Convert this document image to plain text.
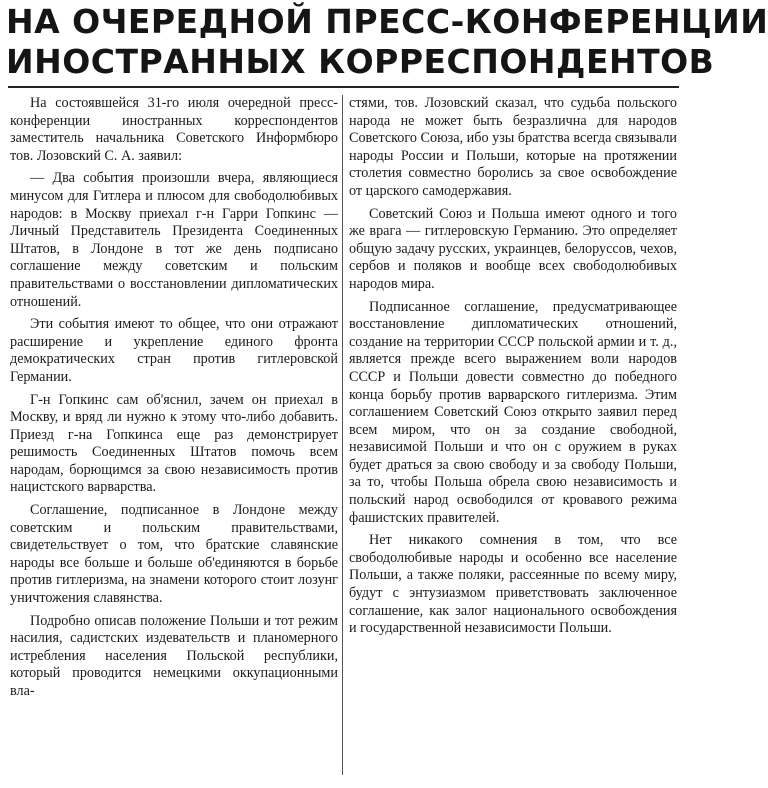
НА ОЧЕРЕДНОЙ ПРЕСС-КОНФЕРЕНЦИИ
ИНОСТРАННЫХ КОРРЕСПОНДЕНТОВ

На состоявшейся 31-го июля очередной пресс-конференции иностранных корреспондентов заместитель начальника Советского Информбюро тов. Лозовский С. А. заявил:

— Два события произошли вчера, являющиеся минусом для Гитлера и плюсом для свободолюбивых народов: в Москву приехал г-н Гарри Гопкинс — Личный Представитель Президента Соединенных Штатов, в Лондоне в тот же день подписано соглашение между советским и польским правительствами о восстановлении дипломатических отношений.

Эти события имеют то общее, что они отражают расширение и укрепление единого фронта демократических стран против гитлеровской Германии.

Г-н Гопкинс сам об'яснил, зачем он приехал в Москву, и вряд ли нужно к этому что-либо добавить. Приезд г-на Гопкинса еще раз демонстрирует решимость Соединенных Штатов помочь всем народам, борющимся за свою независимость против нацистского варварства.

Соглашение, подписанное в Лондоне между советским и польским правительствами, свидетельствует о том, что братские славянские народы все больше и больше об'единяются в борьбе против гитлеризма, на знамени которого стоит лозунг уничтожения славянства.

Подробно описав положение Польши и тот режим насилия, садистских издевательств и планомерного истребления населения Польской республики, который проводится немецкими оккупационными вла-

стями, тов. Лозовский сказал, что судьба польского народа не может быть безразлична для народов Советского Союза, ибо узы братства всегда связывали народы России и Польши, которые на протяжении столетия совместно боролись за свое освобождение от царского самодержавия.

Советский Союз и Польша имеют одного и того же врага — гитлеровскую Германию. Это определяет общую задачу русских, украинцев, белоруссов, чехов, сербов и поляков и вообще всех свободолюбивых народов мира.

Подписанное соглашение, предусматривающее восстановление дипломатических отношений, создание на территории СССР польской армии и т. д., является прежде всего выражением воли народов СССР и Польши довести совместно до победного конца борьбу против варварского гитлеризма. Этим соглашением Советский Союз открыто заявил перед всем миром, что он за создание свободной, независимой Польши и что он с оружием в руках будет драться за свою свободу и за свободу Польши, за то, чтобы Польша обрела свою независимость и польский народ освободился от кровавого режима фашистских правителей.

Нет никакого сомнения в том, что все свободолюбивые народы и особенно все население Польши, а также поляки, рассеянные по всему миру, будут с энтузиазмом приветствовать заключенное соглашение, как залог национального освобождения и государственной независимости Польши.
